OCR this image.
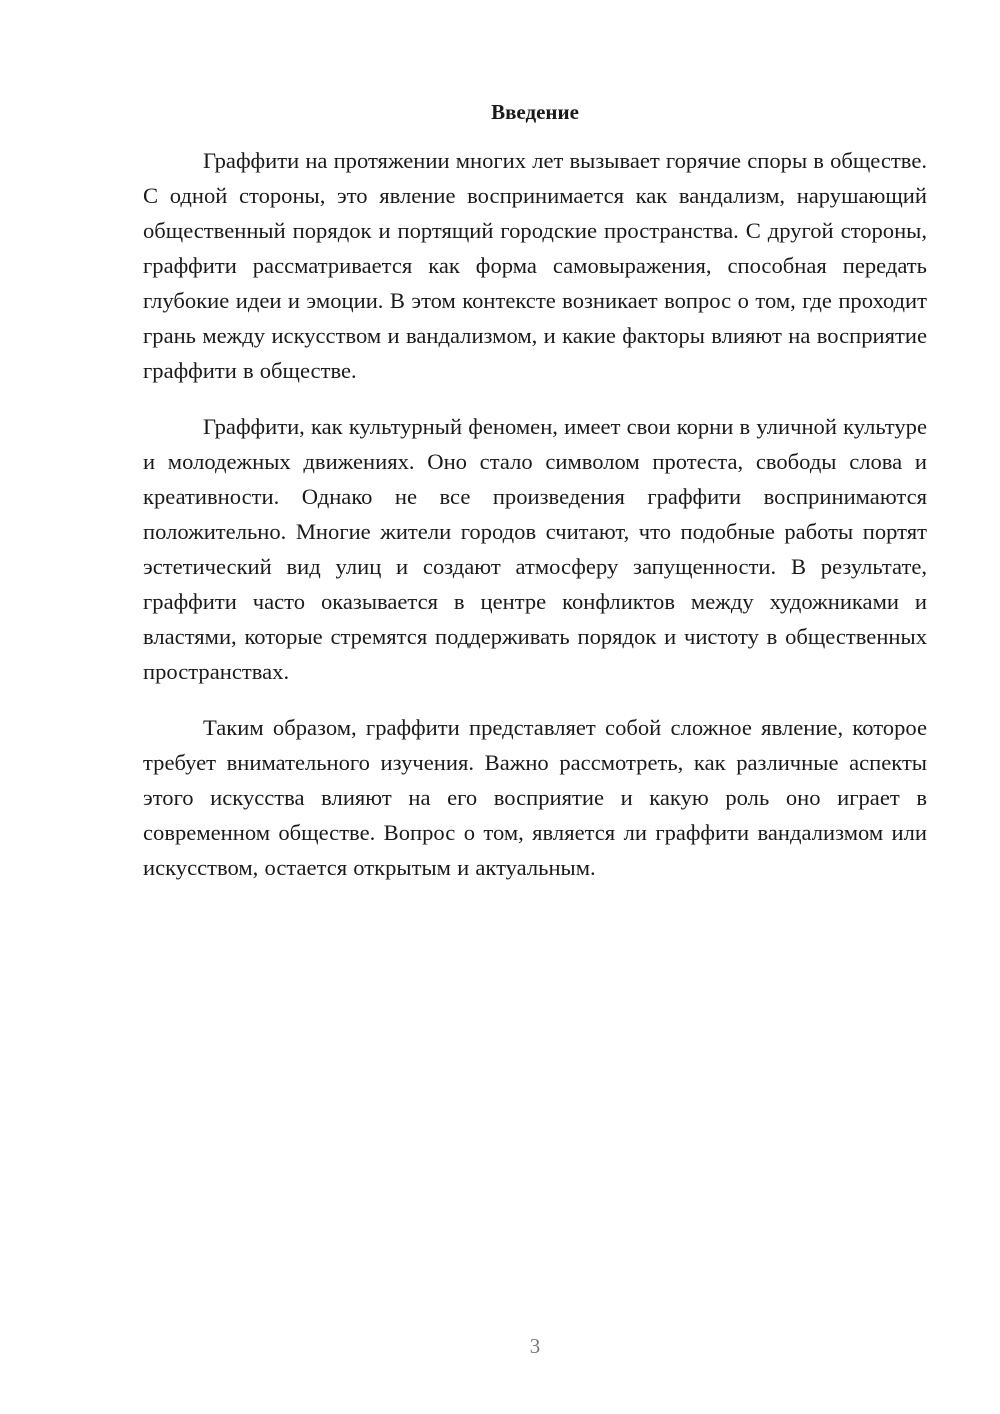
Введение

Граффити на протяжении многих лет вызывает горячие споры в обществе. С одной стороны, это явление воспринимается как вандализм, нарушающий общественный порядок и портящий городские пространства. С другой стороны, граффити рассматривается как форма самовыражения, способная передать глубокие идеи и эмоции. В этом контексте возникает вопрос о том, где проходит грань между искусством и вандализмом, и какие факторы влияют на восприятие граффити в обществе.

Граффити, как культурный феномен, имеет свои корни в уличной культуре и молодежных движениях. Оно стало символом протеста, свободы слова и креативности. Однако не все произведения граффити воспринимаются положительно. Многие жители городов считают, что подобные работы портят эстетический вид улиц и создают атмосферу запущенности. В результате, граффити часто оказывается в центре конфликтов между художниками и властями, которые стремятся поддерживать порядок и чистоту в общественных пространствах.

Таким образом, граффити представляет собой сложное явление, которое требует внимательного изучения. Важно рассмотреть, как различные аспекты этого искусства влияют на его восприятие и какую роль оно играет в современном обществе. Вопрос о том, является ли граффити вандализмом или искусством, остается открытым и актуальным.

3
